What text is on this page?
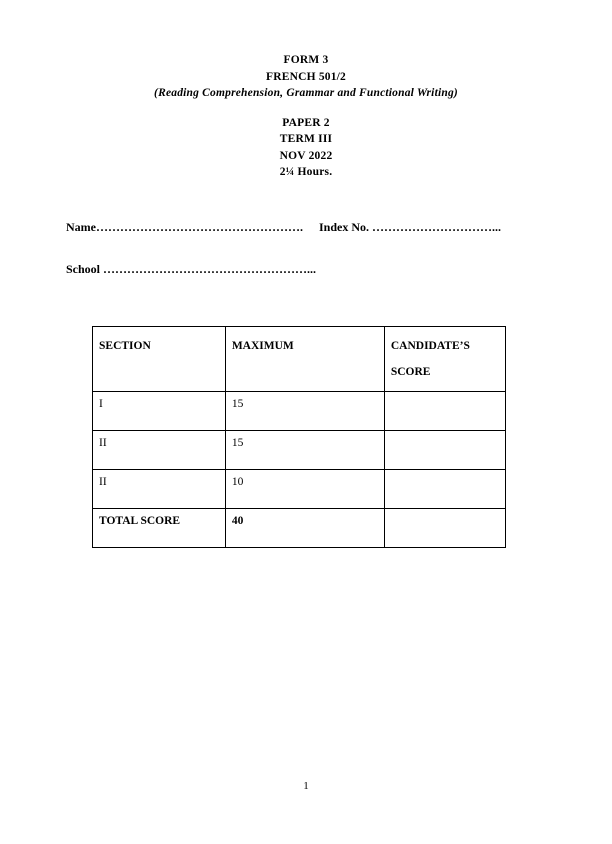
FORM 3
FRENCH 501/2
(Reading Comprehension, Grammar and Functional Writing)
PAPER 2
TERM III
NOV 2022
2¼ Hours.
Name……………………………………………. Index No. …………………………...
School ……………………………………………...
SECTION	MAXIMUM	CANDIDATE’S
SCORE

I	15	
II	15	
II	10	
TOTAL SCORE	40	
1
